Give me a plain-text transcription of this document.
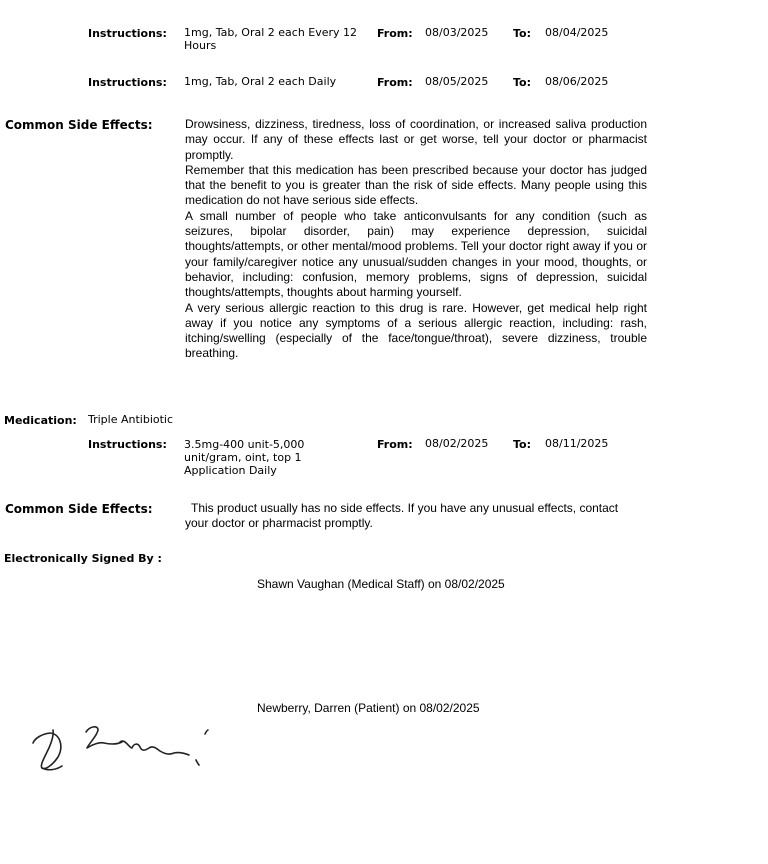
Instructions: 1mg, Tab, Oral 2 each Every 12 Hours
From: 08/03/2025 To: 08/04/2025
Instructions: 1mg, Tab, Oral 2 each Daily	From: 08/05/2025 To: 08/06/2025
Common Side Effects:	Drowsiness, dizziness, tiredness, loss of coordination, or increased saliva production may occur. If any of these effects last or get worse, tell your doctor or pharmacist promptly.

Remember that this medication has been prescribed because your doctor has judged that the benefit to you is greater than the risk of side effects. Many people using this medication do not have serious side effects.

A small number of people who take anticonvulsants for any condition (such as seizures, bipolar disorder, pain) may experience depression, suicidal thoughts/attempts, or other mental/mood problems. Tell your doctor right away if you or your family/caregiver notice any unusual/sudden changes in your mood, thoughts, or behavior, including: confusion, memory problems, signs of depression, suicidal thoughts/attempts, thoughts about harming yourself.

A very serious allergic reaction to this drug is rare. However, get medical help right away if you notice any symptoms of a serious allergic reaction, including: rash, itching/swelling (especially of the face/tongue/throat), severe dizziness, trouble breathing.

Medication: Triple Antibiotic
Instructions: 3.5mg-400 unit-5,000 unit/gram, oint, top 1 Application Daily
From: 08/02/2025 To: 08/11/2025
Common Side Effects:	This product usually has no side effects. If you have any unusual effects, contact your doctor or pharmacist promptly.
Electronically Signed By :
Shawn Vaughan (Medical Staff) on 08/02/2025
Newberry, Darren (Patient) on 08/02/2025
